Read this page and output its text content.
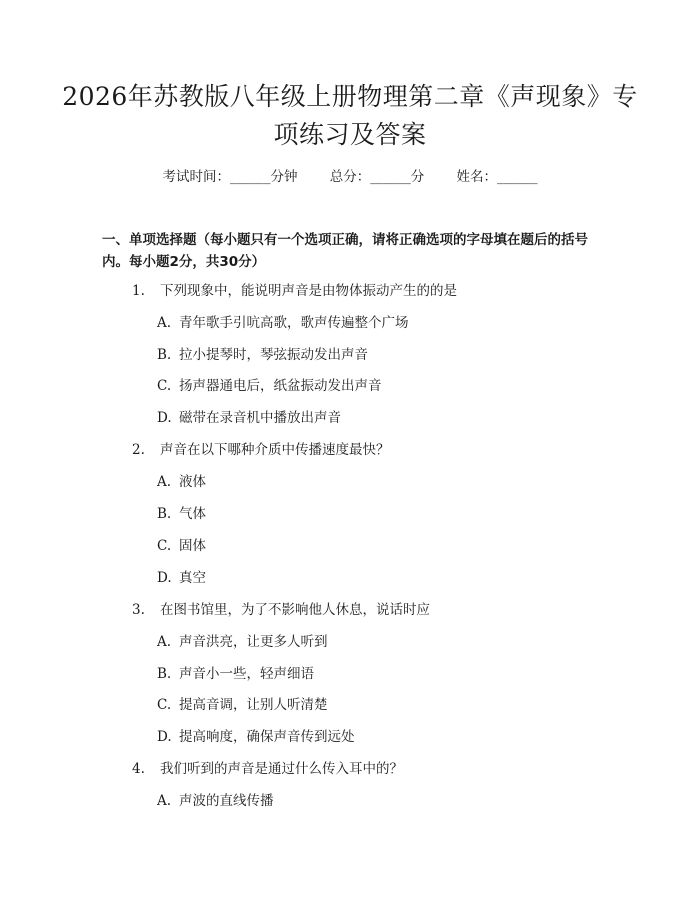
2026年苏教版八年级上册物理第二章《声现象》专项练习及答案
考试时间：______分钟 总分：______分 姓名：______
一、单项选择题（每小题只有一个选项正确，请将正确选项的字母填在题后的括号内。每小题2分，共30分）
1. 下列现象中，能说明声音是由物体振动产生的的是
A. 青年歌手引吭高歌，歌声传遍整个广场
B. 拉小提琴时，琴弦振动发出声音
C. 扬声器通电后，纸盆振动发出声音
D. 磁带在录音机中播放出声音
2. 声音在以下哪种介质中传播速度最快？
A. 液体
B. 气体
C. 固体
D. 真空
3. 在图书馆里，为了不影响他人休息，说话时应
A. 声音洪亮，让更多人听到
B. 声音小一些，轻声细语
C. 提高音调，让别人听清楚
D. 提高响度，确保声音传到远处
4. 我们听到的声音是通过什么传入耳中的？
A. 声波的直线传播
